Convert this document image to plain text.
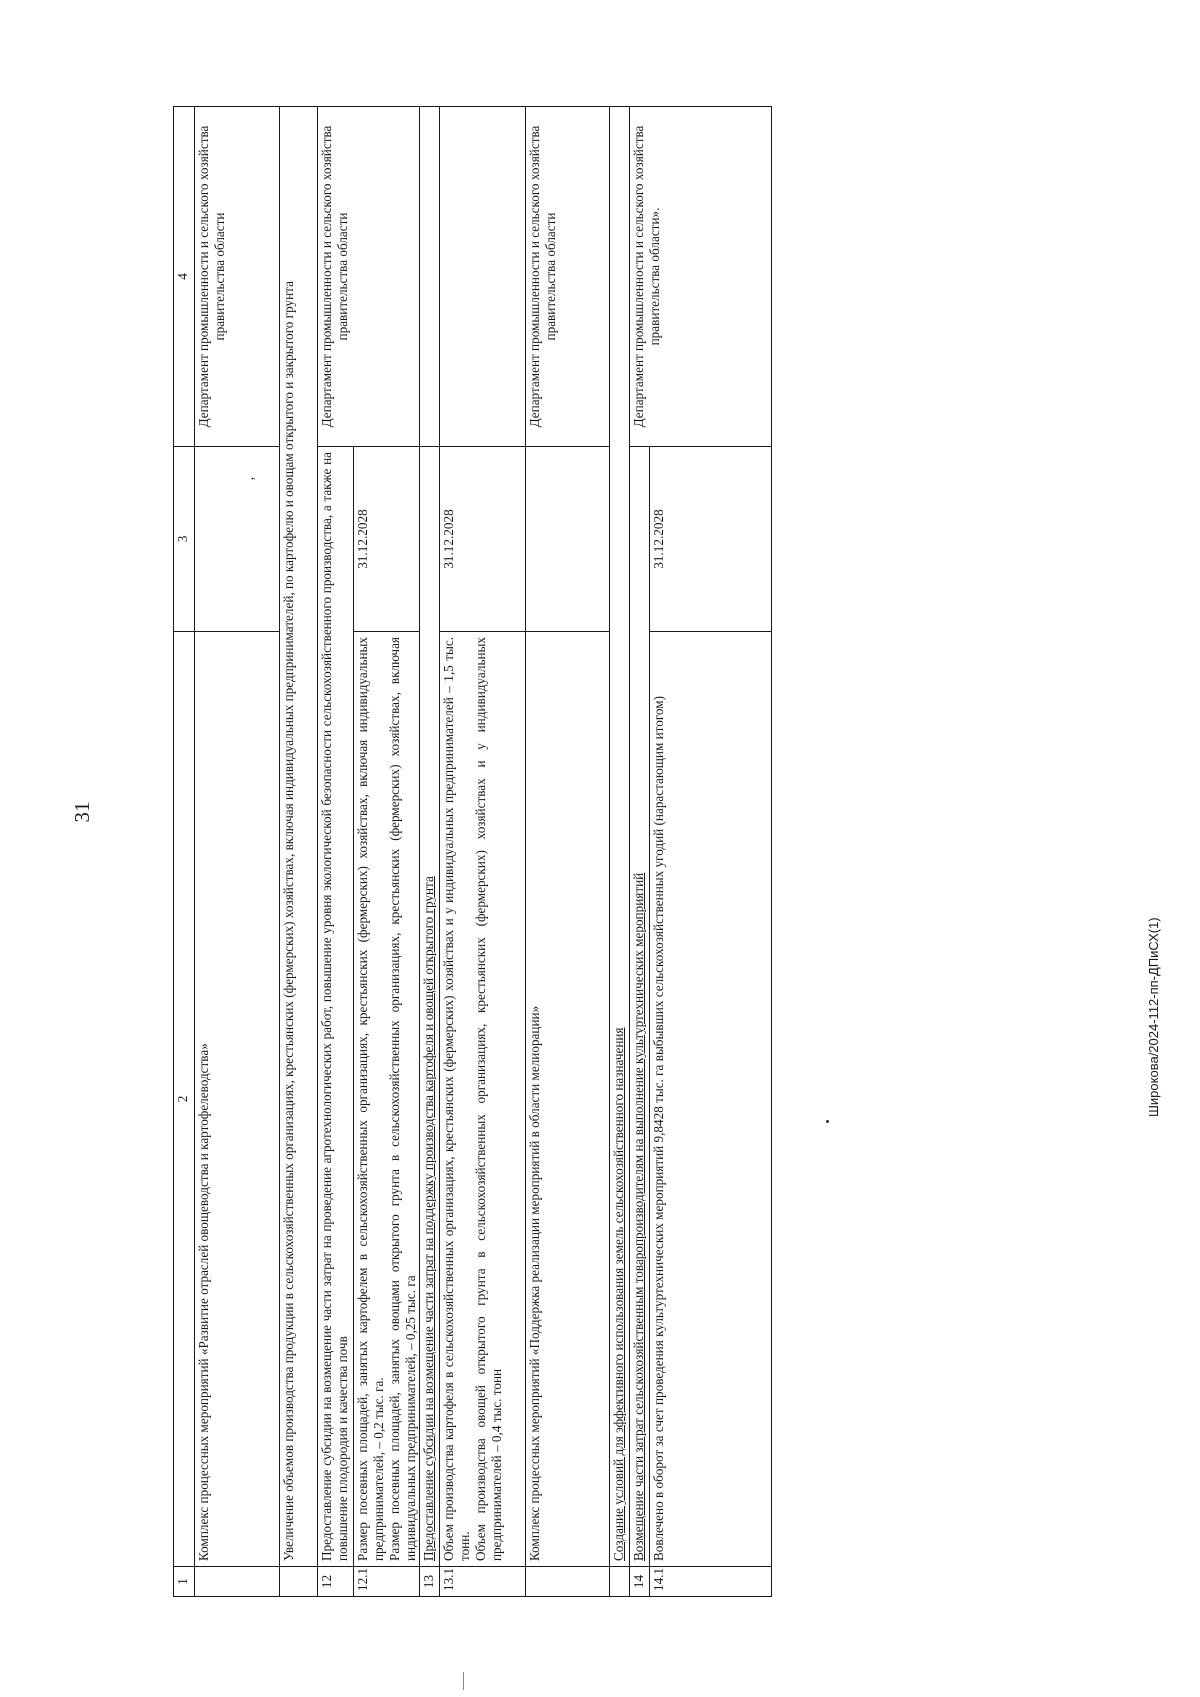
31
Широкова/2024-112-пп-ДПиСХ(1)
1	2	3	4
	Комплекс процессных мероприятий «Развитие отраслей овощеводства и картофелеводства»	,	Департамент промышленности и сельского хозяйства правительства области
	Увеличение объемов производства продукции в сельскохозяйственных организациях, крестьянских (фермерских) хозяйствах, включая индивидуальных предпринимателей, по картофелю и овощам открытого и закрытого грунта		
12	Предоставление субсидии на возмещение части затрат на проведение агротехнологических работ, повышение уровня экологической безопасности сельскохозяйственного производства, а также на повышение плодородия и качества почв		Департамент промышленности и сельского хозяйства правительства области
12.1	Размер посевных площадей, занятых картофелем в сельскохозяйственных организациях, крестьянских (фермерских) хозяйствах, включая индивидуальных предпринимателей, – 0,2 тыс. га. Размер посевных площадей, занятых овощами открытого грунта в сельскохозяйственных организациях, крестьянских (фермерских) хозяйствах, включая индивидуальных предпринимателей, – 0,25 тыс. га	31.12.2028	
13	Предоставление субсидии на возмещение части затрат на поддержку производства картофеля и овощей открытого грунта		
13.1	Объем производства картофеля в сельскохозяйственных организациях, крестьянских (фермерских) хозяйствах и у индивидуальных предпринимателей – 1,5 тыс. тонн. Объем производства овощей открытого грунта в сельскохозяйственных организациях, крестьянских (фермерских) хозяйствах и у индивидуальных предпринимателей – 0,4 тыс. тонн	31.12.2028	
	Комплекс процессных мероприятий «Поддержка реализации мероприятий в области мелиорации»		Департамент промышленности и сельского хозяйства правительства области
	Создание условий для эффективного использования земель сельскохозяйственного назначения		
14	Возмещение части затрат сельскохозяйственным товаропроизводителям на выполнение культуртехнических мероприятий		Департамент промышленности и сельского хозяйства правительства области».
14.1	Вовлечено в оборот за счет проведения культуртехнических мероприятий 9,8428 тыс. га выбывших сельскохозяйственных угодий (нарастающим итогом)	31.12.2028	
